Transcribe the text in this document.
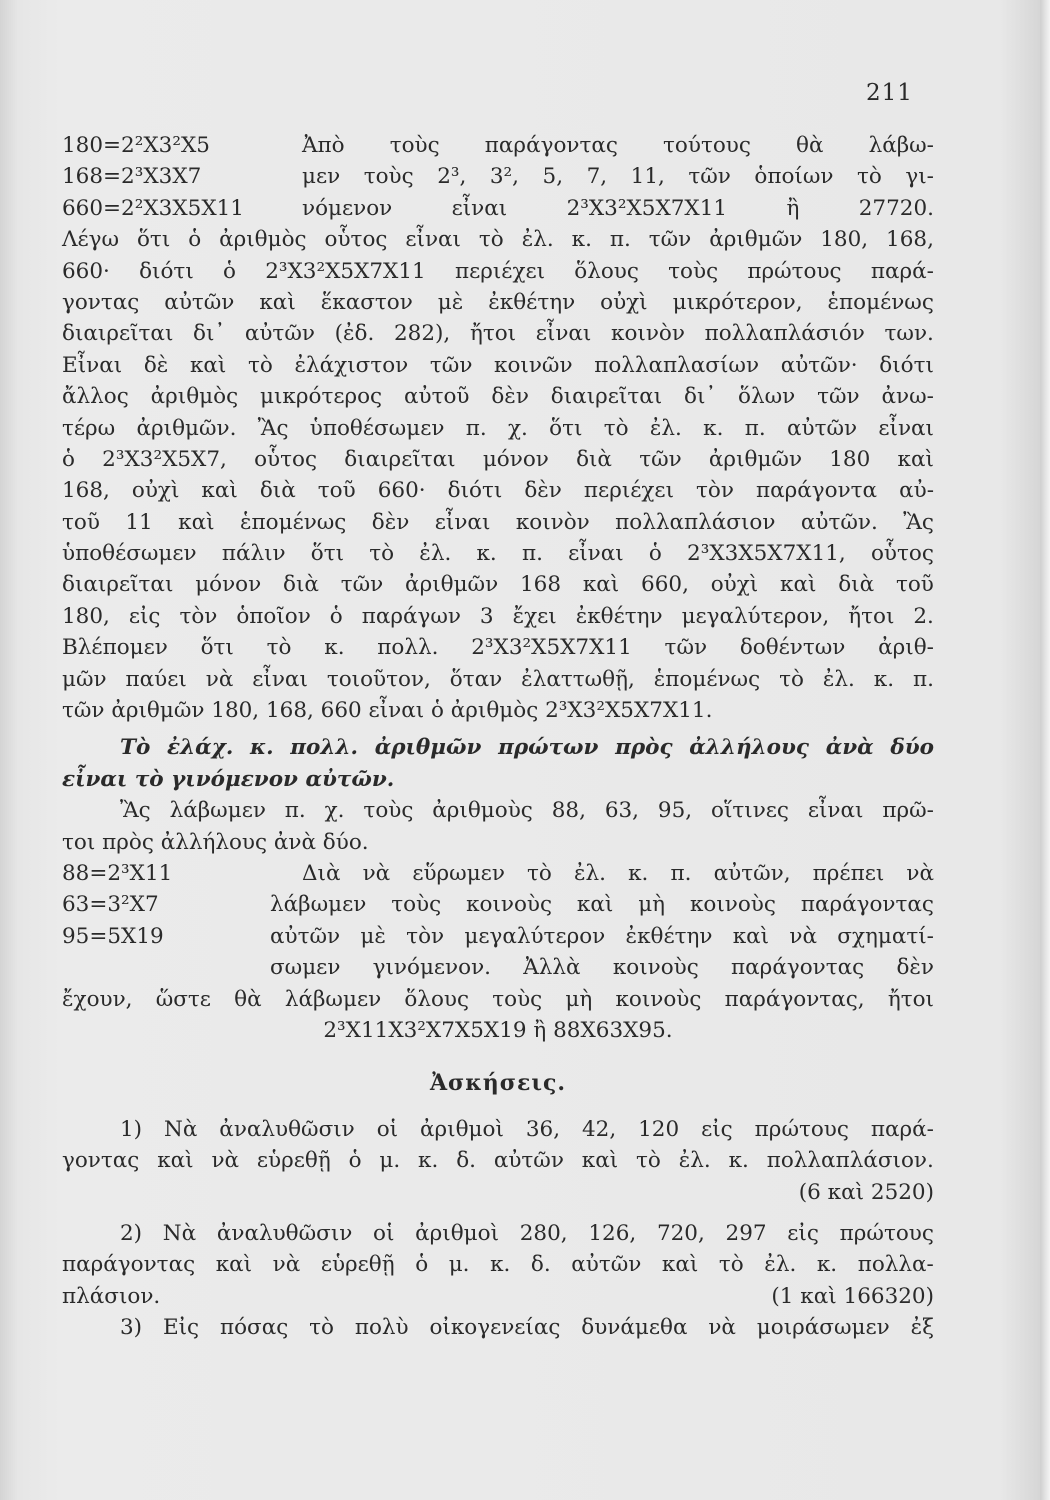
211
180=2²X3²X5	Ἀπὸ τοὺς παράγοντας τούτους θὰ λάβω-
168=2³X3X7	μεν τοὺς 2³, 3², 5, 7, 11, τῶν ὁποίων τὸ γι-
660=2²X3X5X11	νόμενον	εἶναι	2³X3²X5X7X11	ἢ	27720.
Λέγω ὅτι ὁ ἀριθμὸς οὗτος εἶναι τὸ ἐλ. κ. π. τῶν ἀριθμῶν 180, 168,
660· διότι ὁ 2³X3²X5X7X11 περιέχει ὅλους τοὺς πρώτους παρά-
γοντας αὐτῶν καὶ ἕκαστον μὲ ἐκθέτην οὐχὶ μικρότερον, ἑπομένως
διαιρεῖται δι᾽ αὐτῶν (ἐδ. 282), ἤτοι εἶναι κοινὸν πολλαπλάσιόν των.
Εἶναι δὲ καὶ τὸ ἐλάχιστον τῶν κοινῶν πολλαπλασίων αὐτῶν· διότι
ἄλλος ἀριθμὸς μικρότερος αὐτοῦ δὲν διαιρεῖται δι᾽ ὅλων τῶν ἀνω-
τέρω ἀριθμῶν. Ἂς ὑποθέσωμεν π. χ. ὅτι τὸ ἐλ. κ. π. αὐτῶν εἶναι
ὁ 2³X3²X5X7, οὗτος διαιρεῖται μόνον διὰ τῶν ἀριθμῶν 180 καὶ
168, οὐχὶ καὶ διὰ τοῦ 660· διότι δὲν περιέχει τὸν παράγοντα αὐ-
τοῦ 11 καὶ ἑπομένως δὲν εἶναι κοινὸν πολλαπλάσιον αὐτῶν. Ἂς
ὑποθέσωμεν πάλιν ὅτι τὸ ἐλ. κ. π. εἶναι ὁ 2³X3X5X7X11, οὗτος
διαιρεῖται μόνον διὰ τῶν ἀριθμῶν 168 καὶ 660, οὐχὶ καὶ διὰ τοῦ
180, εἰς τὸν ὁποῖον ὁ παράγων 3 ἔχει ἐκθέτην μεγαλύτερον, ἤτοι 2.
Βλέπομεν ὅτι τὸ κ. πολλ. 2³X3²X5X7X11 τῶν δοθέντων ἀριθ-
μῶν παύει νὰ εἶναι τοιοῦτον, ὅταν ἐλαττωθῇ, ἑπομένως τὸ ἐλ. κ. π.
τῶν ἀριθμῶν 180, 168, 660 εἶναι ὁ ἀριθμὸς 2³X3²X5X7X11.
Τὸ ἐλάχ. κ. πολλ. ἀριθμῶν πρώτων πρὸς ἀλλήλους ἀνὰ δύο
εἶναι τὸ γινόμενον αὐτῶν.
Ἂς λάβωμεν π. χ. τοὺς ἀριθμοὺς 88, 63, 95, οἵτινες εἶναι πρῶ-
τοι πρὸς ἀλλήλους ἀνὰ δύο.
88=2³X11	Διὰ νὰ εὕρωμεν τὸ ἐλ. κ. π. αὐτῶν, πρέπει νὰ
63=3²X7	λάβωμεν τοὺς κοινοὺς καὶ μὴ κοινοὺς παράγοντας
95=5X19	αὐτῶν μὲ τὸν μεγαλύτερον ἐκθέτην καὶ νὰ σχηματί-
σωμεν γινόμενον. Ἀλλὰ κοινοὺς παράγοντας δὲν
ἔχουν, ὥστε θὰ λάβωμεν ὅλους τοὺς μὴ κοινοὺς παράγοντας, ἤτοι
2³X11X3²X7X5X19 ἢ 88X63X95.
Ἀσκήσεις.
1) Νὰ ἀναλυθῶσιν οἱ ἀριθμοὶ 36, 42, 120 εἰς πρώτους παρά-
γοντας καὶ νὰ εὑρεθῇ ὁ μ. κ. δ. αὐτῶν καὶ τὸ ἐλ. κ. πολλαπλάσιον.
(6 καὶ 2520)
2) Νὰ ἀναλυθῶσιν οἱ ἀριθμοὶ 280, 126, 720, 297 εἰς πρώτους
παράγοντας καὶ νὰ εὑρεθῇ ὁ μ. κ. δ. αὐτῶν καὶ τὸ ἐλ. κ. πολλα-
πλάσιον.	(1 καὶ 166320)
3) Εἰς πόσας τὸ πολὺ οἰκογενείας δυνάμεθα νὰ μοιράσωμεν ἐξ
